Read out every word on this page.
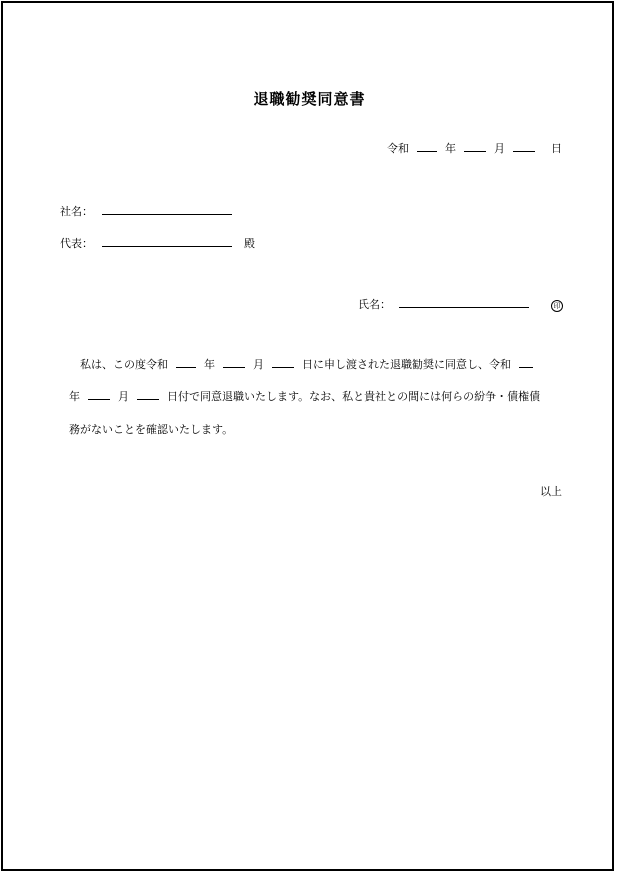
退職勧奨同意書
令和	年	月	日
社名：
代表：	殿
氏名：	印
私は、この度令和	年	月	日に申し渡された退職勧奨に同意し、令和
年	月	日付で同意退職いたします。なお、私と貴社との間には何らの紛争・債権債
務がないことを確認いたします。
以上
